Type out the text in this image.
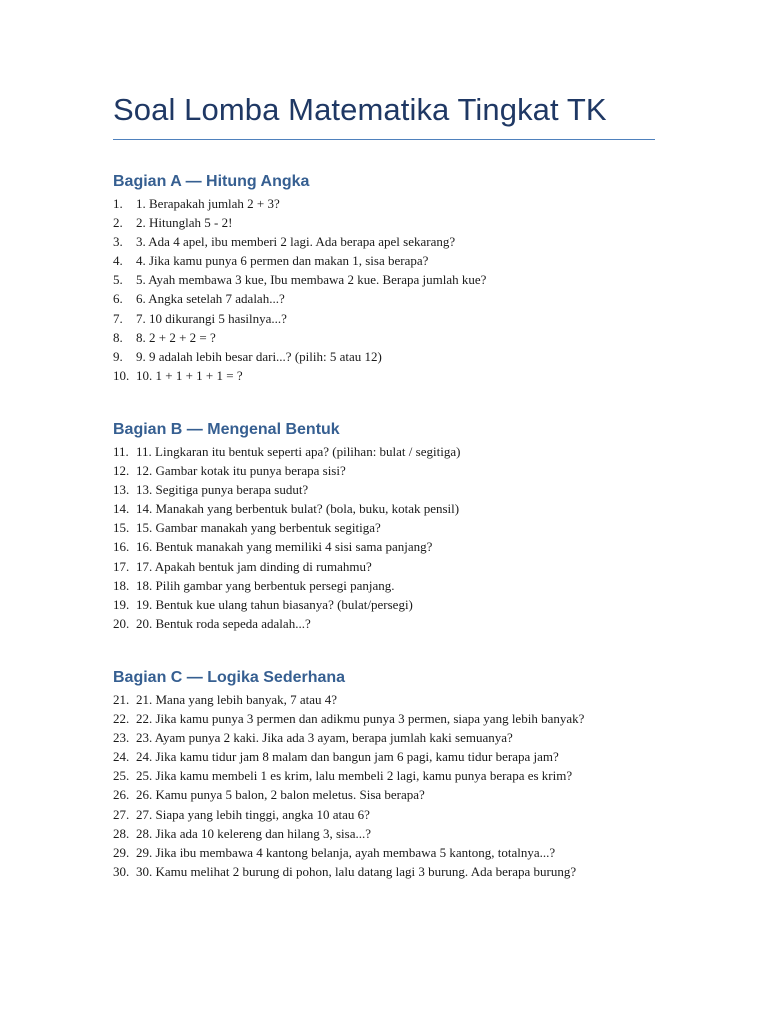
Soal Lomba Matematika Tingkat TK
Bagian A — Hitung Angka
1. 1. Berapakah jumlah 2 + 3?
2. 2. Hitunglah 5 - 2!
3. 3. Ada 4 apel, ibu memberi 2 lagi. Ada berapa apel sekarang?
4. 4. Jika kamu punya 6 permen dan makan 1, sisa berapa?
5. 5. Ayah membawa 3 kue, Ibu membawa 2 kue. Berapa jumlah kue?
6. 6. Angka setelah 7 adalah...?
7. 7. 10 dikurangi 5 hasilnya...?
8. 8. 2 + 2 + 2 = ?
9. 9. 9 adalah lebih besar dari...? (pilih: 5 atau 12)
10. 10. 1 + 1 + 1 + 1 = ?
Bagian B — Mengenal Bentuk
11. 11. Lingkaran itu bentuk seperti apa? (pilihan: bulat / segitiga)
12. 12. Gambar kotak itu punya berapa sisi?
13. 13. Segitiga punya berapa sudut?
14. 14. Manakah yang berbentuk bulat? (bola, buku, kotak pensil)
15. 15. Gambar manakah yang berbentuk segitiga?
16. 16. Bentuk manakah yang memiliki 4 sisi sama panjang?
17. 17. Apakah bentuk jam dinding di rumahmu?
18. 18. Pilih gambar yang berbentuk persegi panjang.
19. 19. Bentuk kue ulang tahun biasanya? (bulat/persegi)
20. 20. Bentuk roda sepeda adalah...?
Bagian C — Logika Sederhana
21. 21. Mana yang lebih banyak, 7 atau 4?
22. 22. Jika kamu punya 3 permen dan adikmu punya 3 permen, siapa yang lebih banyak?
23. 23. Ayam punya 2 kaki. Jika ada 3 ayam, berapa jumlah kaki semuanya?
24. 24. Jika kamu tidur jam 8 malam dan bangun jam 6 pagi, kamu tidur berapa jam?
25. 25. Jika kamu membeli 1 es krim, lalu membeli 2 lagi, kamu punya berapa es krim?
26. 26. Kamu punya 5 balon, 2 balon meletus. Sisa berapa?
27. 27. Siapa yang lebih tinggi, angka 10 atau 6?
28. 28. Jika ada 10 kelereng dan hilang 3, sisa...?
29. 29. Jika ibu membawa 4 kantong belanja, ayah membawa 5 kantong, totalnya...?
30. 30. Kamu melihat 2 burung di pohon, lalu datang lagi 3 burung. Ada berapa burung?
